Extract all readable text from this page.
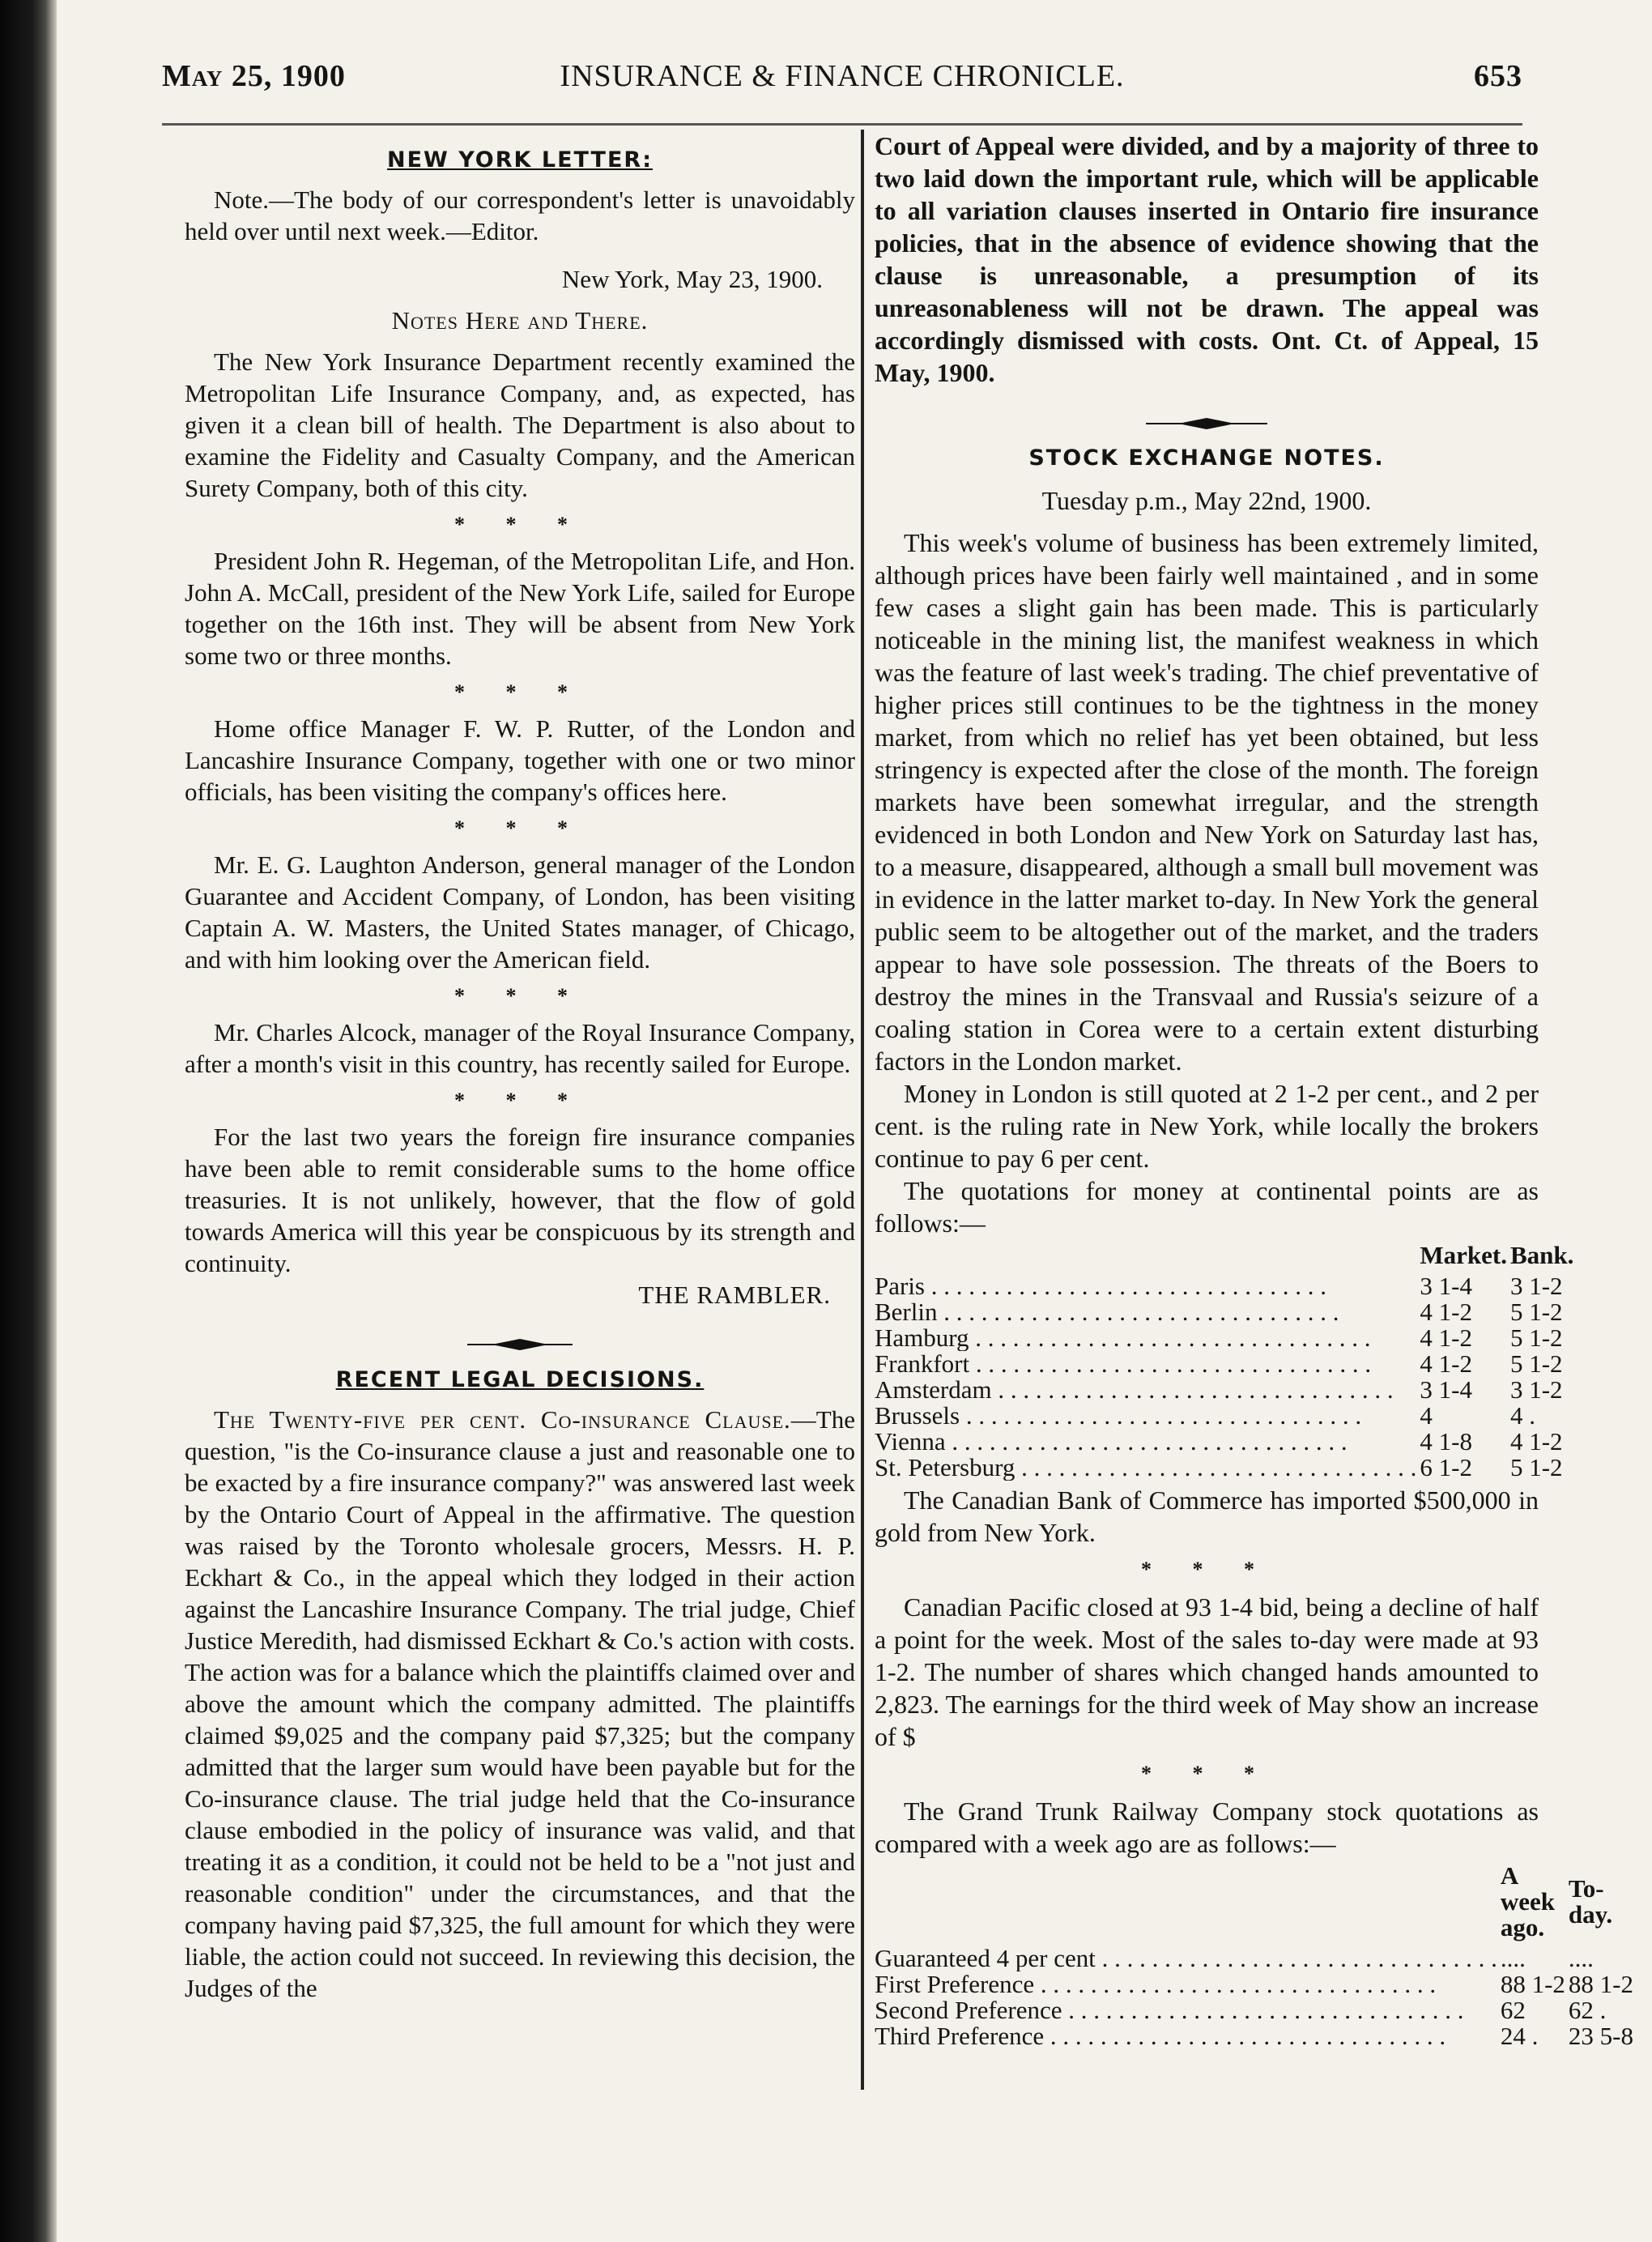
May 25, 1900	INSURANCE & FINANCE CHRONICLE.	653
NEW YORK LETTER:

Note.—The body of our correspondent's letter is unavoidably held over until next week.—Editor.

New York, May 23, 1900.
Notes Here and There.

The New York Insurance Department recently examined the Metropolitan Life Insurance Company, and, as expected, has given it a clean bill of health. The Department is also about to examine the Fidelity and Casualty Company, and the American Surety Company, both of this city.

* * *

President John R. Hegeman, of the Metropolitan Life, and Hon. John A. McCall, president of the New York Life, sailed for Europe together on the 16th inst. They will be absent from New York some two or three months.

* * *

Home office Manager F. W. P. Rutter, of the London and Lancashire Insurance Company, together with one or two minor officials, has been visiting the company's offices here.

* * *

Mr. E. G. Laughton Anderson, general manager of the London Guarantee and Accident Company, of London, has been visiting Captain A. W. Masters, the United States manager, of Chicago, and with him looking over the American field.

* * *

Mr. Charles Alcock, manager of the Royal Insurance Company, after a month's visit in this country, has recently sailed for Europe.

* * *

For the last two years the foreign fire insurance companies have been able to remit considerable sums to the home office treasuries. It is not unlikely, however, that the flow of gold towards America will this year be conspicuous by its strength and continuity.

THE RAMBLER.
RECENT LEGAL DECISIONS.

The Twenty-five per cent. Co-insurance Clause.—The question, "is the Co-insurance clause a just and reasonable one to be exacted by a fire insurance company?" was answered last week by the Ontario Court of Appeal in the affirmative. The question was raised by the Toronto wholesale grocers, Messrs. H. P. Eckhart & Co., in the appeal which they lodged in their action against the Lancashire Insurance Company. The trial judge, Chief Justice Meredith, had dismissed Eckhart & Co.'s action with costs. The action was for a balance which the plaintiffs claimed over and above the amount which the company admitted. The plaintiffs claimed $9,025 and the company paid $7,325; but the company admitted that the larger sum would have been payable but for the Co-insurance clause. The trial judge held that the Co-insurance clause embodied in the policy of insurance was valid, and that treating it as a condition, it could not be held to be a "not just and reasonable condition" under the circumstances, and that the company having paid $7,325, the full amount for which they were liable, the action could not succeed. In reviewing this decision, the Judges of the

Court of Appeal were divided, and by a majority of three to two laid down the important rule, which will be applicable to all variation clauses inserted in Ontario fire insurance policies, that in the absence of evidence showing that the clause is unreasonable, a presumption of its unreasonableness will not be drawn. The appeal was accordingly dismissed with costs. Ont. Ct. of Appeal, 15 May, 1900.

STOCK EXCHANGE NOTES.
Tuesday p.m., May 22nd, 1900.

This week's volume of business has been extremely limited, although prices have been fairly well maintained , and in some few cases a slight gain has been made. This is particularly noticeable in the mining list, the manifest weakness in which was the feature of last week's trading. The chief preventative of higher prices still continues to be the tightness in the money market, from which no relief has yet been obtained, but less stringency is expected after the close of the month. The foreign markets have been somewhat irregular, and the strength evidenced in both London and New York on Saturday last has, to a measure, disappeared, although a small bull movement was in evidence in the latter market to-day. In New York the general public seem to be altogether out of the market, and the traders appear to have sole possession. The threats of the Boers to destroy the mines in the Transvaal and Russia's seizure of a coaling station in Corea were to a certain extent disturbing factors in the London market.

Money in London is still quoted at 2 1-2 per cent., and 2 per cent. is the ruling rate in New York, while locally the brokers continue to pay 6 per cent.

The quotations for money at continental points are as follows:—

	Market.	Bank.
Paris . . . . . . . . . . . . . . . . . . . . . . . . . . . . . . . .	3 1-4	3 1-2
Berlin . . . . . . . . . . . . . . . . . . . . . . . . . . . . . . . .	4 1-2	5 1-2
Hamburg . . . . . . . . . . . . . . . . . . . . . . . . . . . . . . . .	4 1-2	5 1-2
Frankfort . . . . . . . . . . . . . . . . . . . . . . . . . . . . . . . .	4 1-2	5 1-2
Amsterdam . . . . . . . . . . . . . . . . . . . . . . . . . . . . . . . .	3 1-4	3 1-2
Brussels . . . . . . . . . . . . . . . . . . . . . . . . . . . . . . . .	4	4 .
Vienna . . . . . . . . . . . . . . . . . . . . . . . . . . . . . . . .	4 1-8	4 1-2
St. Petersburg . . . . . . . . . . . . . . . . . . . . . . . . . . . . . . . .	6 1-2	5 1-2

The Canadian Bank of Commerce has imported $500,000 in gold from New York.

* * *

Canadian Pacific closed at 93 1-4 bid, being a decline of half a point for the week. Most of the sales to-day were made at 93 1-2. The number of shares which changed hands amounted to 2,823. The earnings for the third week of May show an increase of $

* * *

The Grand Trunk Railway Company stock quotations as compared with a week ago are as follows:—

	A week ago.	To-day.
Guaranteed 4 per cent . . . . . . . . . . . . . . . . . . . . . . . . . . . . . . . .	....	....
First Preference . . . . . . . . . . . . . . . . . . . . . . . . . . . . . . . .	88 1-2	88 1-2
Second Preference . . . . . . . . . . . . . . . . . . . . . . . . . . . . . . . .	62	62 .
Third Preference . . . . . . . . . . . . . . . . . . . . . . . . . . . . . . . .	24 .	23 5-8
